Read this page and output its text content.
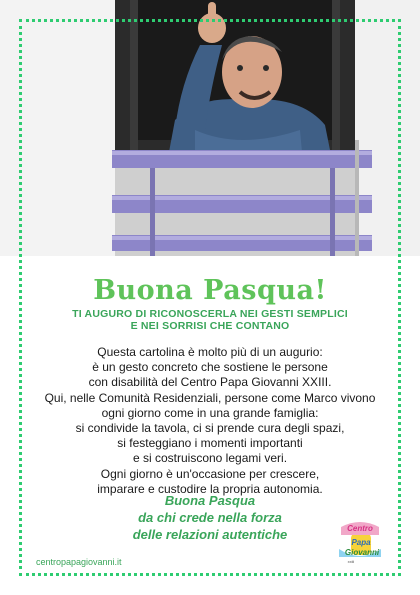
Buona Pasqua!
TI AUGURO DI RICONOSCERLA NEI GESTI SEMPLICI
E NEI SORRISI CHE CONTANO
Questa cartolina è molto più di un augurio:
è un gesto concreto che sostiene le persone
con disabilità del Centro Papa Giovanni XXIII.
Qui, nelle Comunità Residenziali, persone come Marco vivono
ogni giorno come in una grande famiglia:
si condivide la tavola, ci si prende cura degli spazi,
si festeggiano i momenti importanti
e si costruiscono legami veri.
Ogni giorno è un'occasione per crescere,
imparare e custodire la propria autonomia.
Buona Pasqua
da chi crede nella forza
delle relazioni autentiche
centropapagiovanni.it
Centro
Papa
Giovanni
xxiii
